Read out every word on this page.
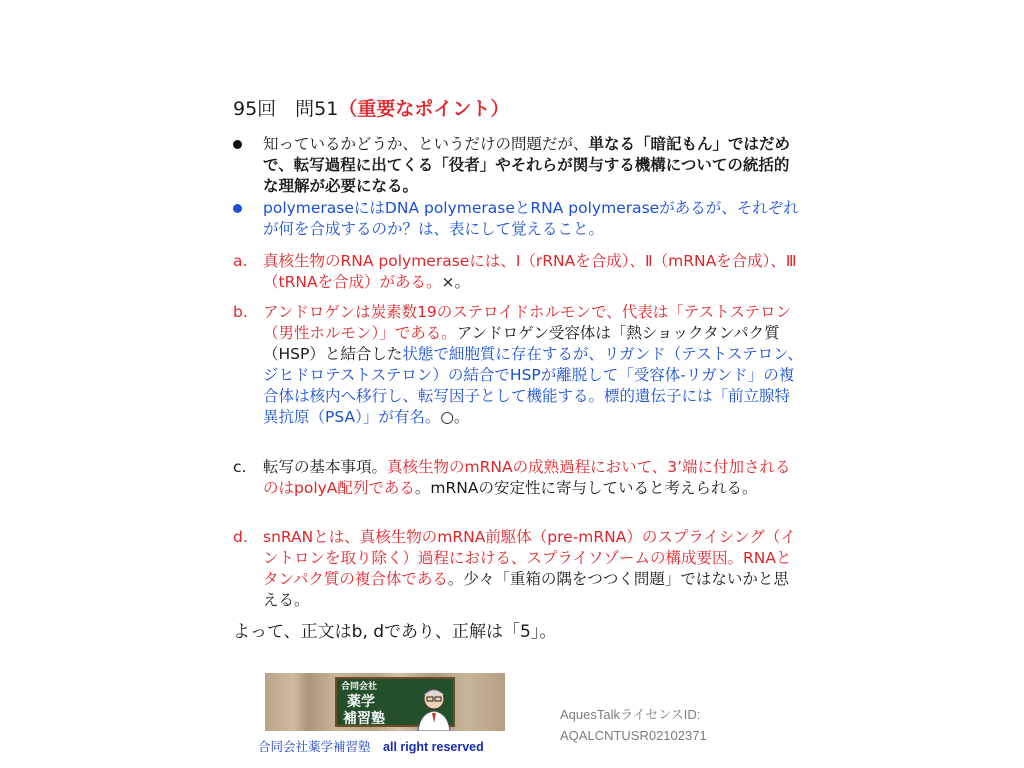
95回　問51（重要なポイント）
知っているかどうか、というだけの問題だが、単なる「暗記もん」ではだめで、転写過程に出てくる「役者」やそれらが関与する機構についての統括的な理解が必要になる。
polymeraseにはDNA polymeraseとRNA polymeraseがあるが、それぞれが何を合成するのか？は、表にして覚えること。
a. 真核生物のRNA polymeraseには、Ⅰ（rRNAを合成）、Ⅱ（mRNAを合成）、Ⅲ（tRNAを合成）がある。×。
b. アンドロゲンは炭素数19のステロイドホルモンで、代表は「テストステロン（男性ホルモン）」である。アンドロゲン受容体は「熱ショックタンパク質（HSP）と結合した状態で細胞質に存在するが、リガンド（テストステロン、ジヒドロテストステロン）の結合でHSPが離脱して「受容体-リガンド」の複合体は核内へ移行し、転写因子として機能する。標的遺伝子には「前立腺特異抗原（PSA）」が有名。○。
c. 転写の基本事項。真核生物のmRNAの成熟過程において、3’端に付加されるのはpolyA配列である。mRNAの安定性に寄与していると考えられる。
d. snRANとは、真核生物のmRNA前駆体（pre-mRNA）のスプライシング（イントロンを取り除く）過程における、スプライソゾームの構成要因。RNAとタンパク質の複合体である。少々「重箱の隅をつつく問題」ではないかと思える。
よって、正文はb, dであり、正解は「5」。
合同会社
薬学
補習塾
合同会社薬学補習塾　 all right reserved
AquesTalkライセンスID:
AQALCNTUSR02102371
